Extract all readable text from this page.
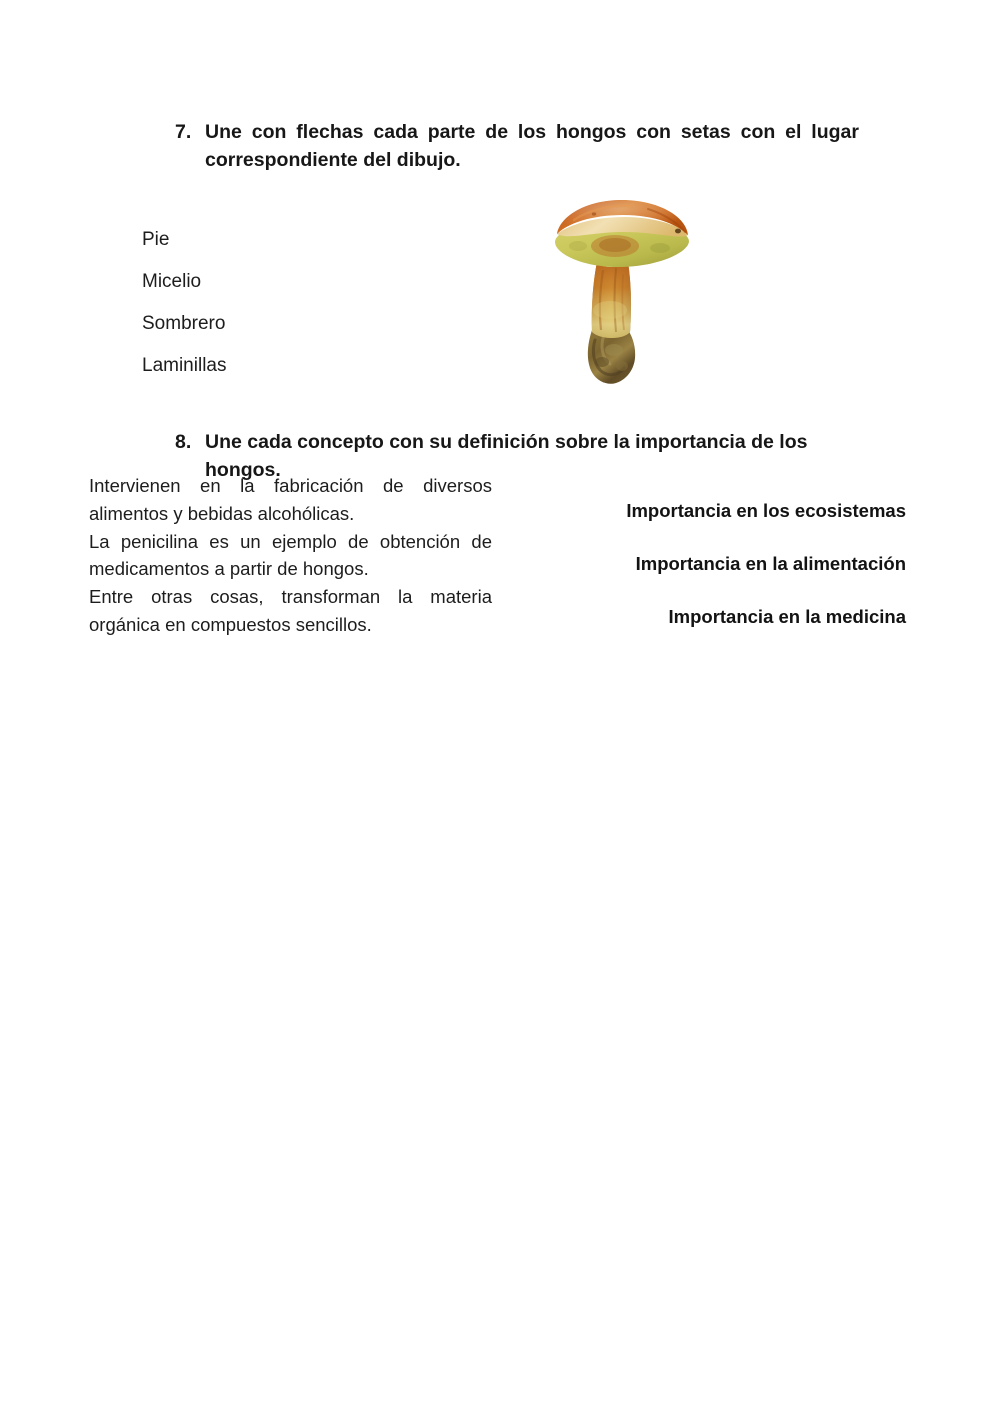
7. Une con flechas cada parte de los hongos con setas con el lugar correspondiente del dibujo.
Pie
Micelio
Sombrero
Laminillas
8. Une cada concepto con su definición sobre la importancia de los hongos.

Intervienen en la fabricación de diversos alimentos y bebidas alcohólicas.

La penicilina es un ejemplo de obtención de medicamentos a partir de hongos.

Entre otras cosas, transforman la materia orgánica en compuestos sencillos.

Importancia en los ecosistemas
Importancia en la alimentación
Importancia en la medicina
